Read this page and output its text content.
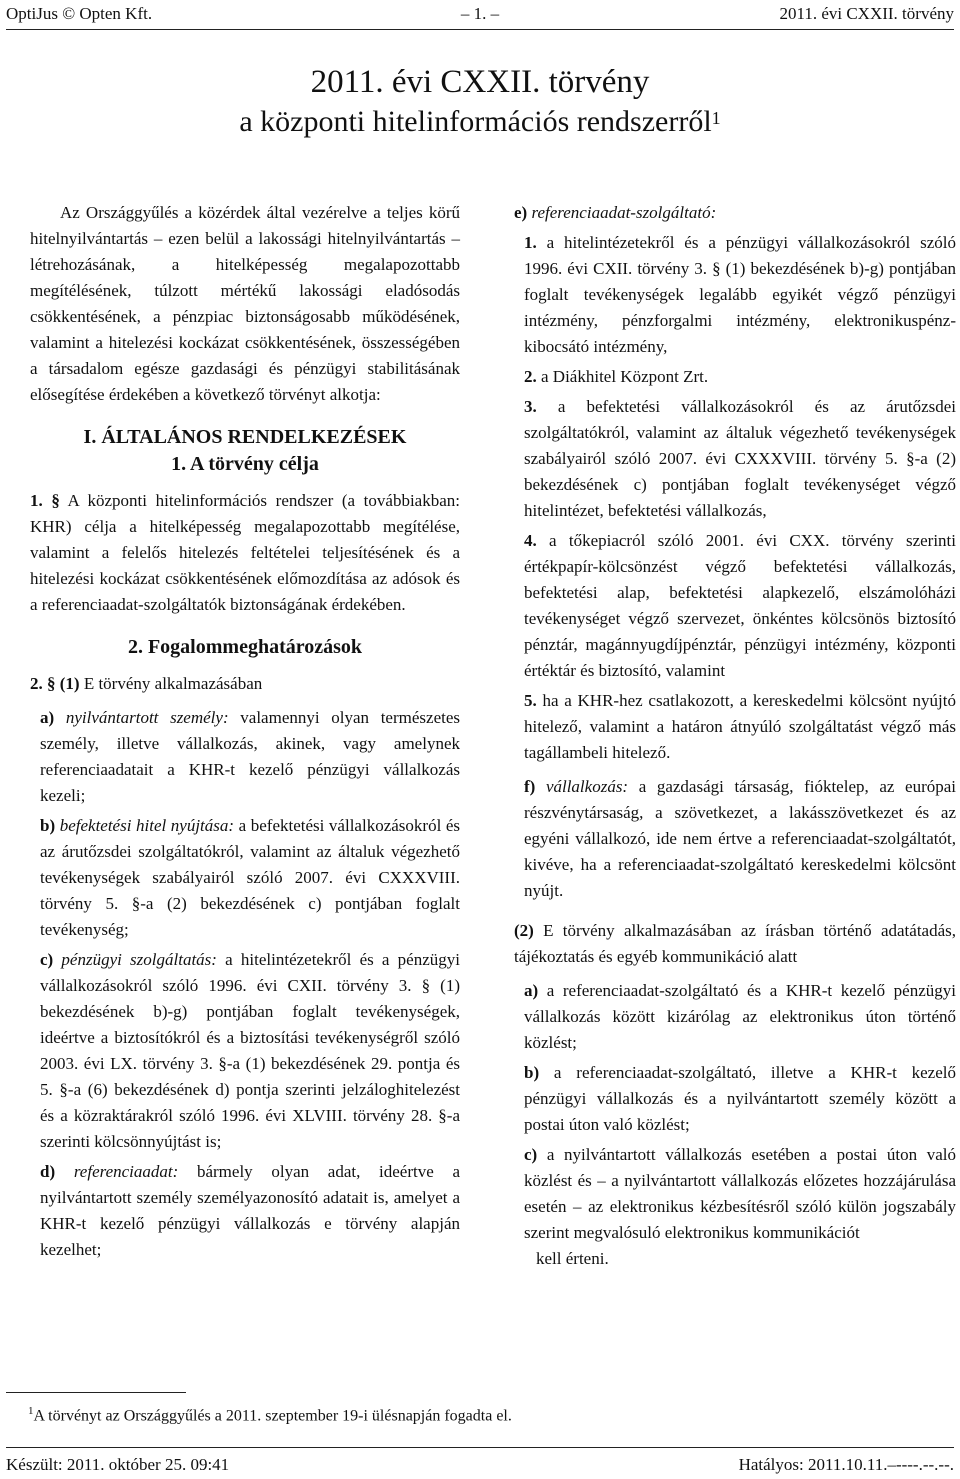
OptiJus © Opten Kft.	– 1. –	2011. évi CXXII. törvény
2011. évi CXXII. törvény
a központi hitelinformációs rendszerről$^1$

Az Országgyűlés a közérdek által vezérelve a teljes körű hitelnyilvántartás – ezen belül a lakossági hitelnyilvántartás – létrehozásának, a hitelképesség megalapozottabb megítélésének, túlzott mértékű lakossági eladósodás csökkentésének, a pénzpiac biztonságosabb működésének, valamint a hitelezési kockázat csökkentésének, összességében a társadalom egésze gazdasági és pénzügyi stabilitásának elősegítése érdekében a következő törvényt alkotja:

I. ÁLTALÁNOS RENDELKEZÉSEK
1. A törvény célja

1. § A központi hitelinformációs rendszer (a továbbiakban: KHR) célja a hitelképesség megalapozottabb megítélése, valamint a felelős hitelezés feltételei teljesítésének és a hitelezési kockázat csökkentésének előmozdítása az adósok és a referenciaadat-szolgáltatók biztonságának érdekében.

2. Fogalommeghatározások

2. § (1) E törvény alkalmazásában

a) nyilvántartott személy: valamennyi olyan természetes személy, illetve vállalkozás, akinek, vagy amelynek referenciaadatait a KHR-t kezelő pénzügyi vállalkozás kezeli;

b) befektetési hitel nyújtása: a befektetési vállalkozásokról és az árutőzsdei szolgáltatókról, valamint az általuk végezhető tevékenységek szabályairól szóló 2007. évi CXXXVIII. törvény 5. §-a (2) bekezdésének c) pontjában foglalt tevékenység;

c) pénzügyi szolgáltatás: a hitelintézetekről és a pénzügyi vállalkozásokról szóló 1996. évi CXII. törvény 3. § (1) bekezdésének b)-g) pontjában foglalt tevékenységek, ideértve a biztosítókról és a biztosítási tevékenységről szóló 2003. évi LX. törvény 3. §-a (1) bekezdésének 29. pontja és 5. §-a (6) bekezdésének d) pontja szerinti jelzáloghitelezést és a közraktárakról szóló 1996. évi XLVIII. törvény 28. §-a szerinti kölcsönnyújtást is;

d) referenciaadat: bármely olyan adat, ideértve a nyilvántartott személy személyazonosító adatait is, amelyet a KHR-t kezelő pénzügyi vállalkozás e törvény alapján kezelhet;

e) referenciaadat-szolgáltató:

1. a hitelintézetekről és a pénzügyi vállalkozásokról szóló 1996. évi CXII. törvény 3. § (1) bekezdésének b)-g) pontjában foglalt tevékenységek legalább egyikét végző pénzügyi intézmény, pénzforgalmi intézmény, elektronikuspénz-kibocsátó intézmény,

2. a Diákhitel Központ Zrt.

3. a befektetési vállalkozásokról és az árutőzsdei szolgáltatókról, valamint az általuk végezhető tevékenységek szabályairól szóló 2007. évi CXXXVIII. törvény 5. §-a (2) bekezdésének c) pontjában foglalt tevékenységet végző hitelintézet, befektetési vállalkozás,

4. a tőkepiacról szóló 2001. évi CXX. törvény szerinti értékpapír-kölcsönzést végző befektetési vállalkozás, befektetési alap, befektetési alapkezelő, elszámolóházi tevékenységet végző szervezet, önkéntes kölcsönös biztosító pénztár, magánnyugdíjpénztár, pénzügyi intézmény, központi értéktár és biztosító, valamint

5. ha a KHR-hez csatlakozott, a kereskedelmi kölcsönt nyújtó hitelező, valamint a határon átnyúló szolgáltatást végző más tagállambeli hitelező.

f) vállalkozás: a gazdasági társaság, fióktelep, az európai részvénytársaság, a szövetkezet, a lakásszövetkezet és az egyéni vállalkozó, ide nem értve a referenciaadat-szolgáltatót, kivéve, ha a referenciaadat-szolgáltató kereskedelmi kölcsönt nyújt.

(2) E törvény alkalmazásában az írásban történő adatátadás, tájékoztatás és egyéb kommunikáció alatt

a) a referenciaadat-szolgáltató és a KHR-t kezelő pénzügyi vállalkozás között kizárólag az elektronikus úton történő közlést;

b) a referenciaadat-szolgáltató, illetve a KHR-t kezelő pénzügyi vállalkozás és a nyilvántartott személy között a postai úton való közlést;

c) a nyilvántartott vállalkozás esetében a postai úton való közlést és – a nyilvántartott vállalkozás előzetes hozzájárulása esetén – az elektronikus kézbesítésről szóló külön jogszabály szerint megvalósuló elektronikus kommunikációt

kell érteni.

$^1$A törvényt az Országgyűlés a 2011. szeptember 19-i ülésnapján fogadta el.
Készült: 2011. október 25. 09:41	Hatályos: 2011.10.11.–----.--.--.
